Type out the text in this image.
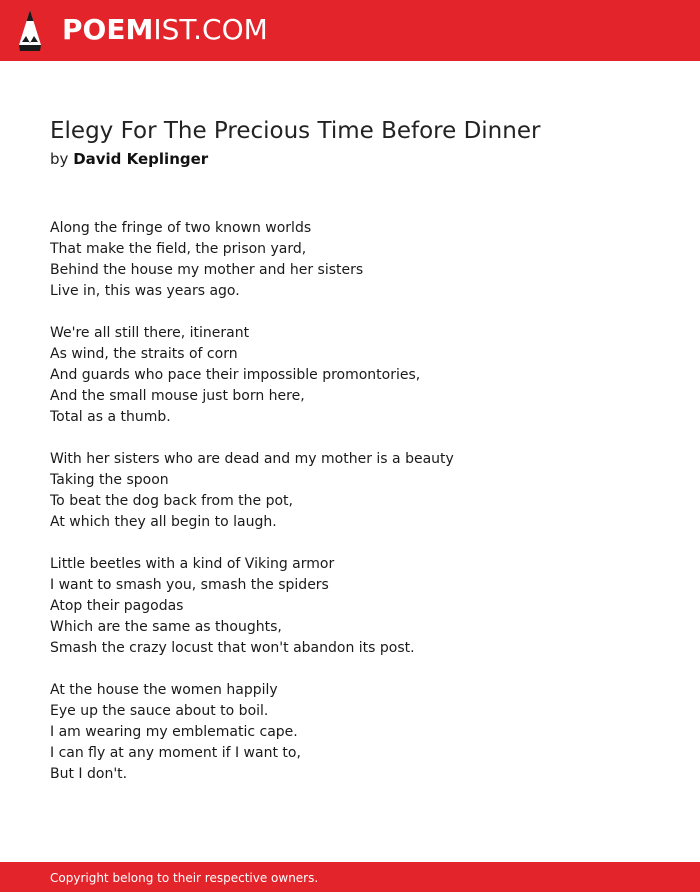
POEMIST.COM
Elegy For The Precious Time Before Dinner
by David Keplinger
Along the fringe of two known worlds
That make the field, the prison yard,
Behind the house my mother and her sisters
Live in, this was years ago.
We're all still there, itinerant
As wind, the straits of corn
And guards who pace their impossible promontories,
And the small mouse just born here,
Total as a thumb.
With her sisters who are dead and my mother is a beauty
Taking the spoon
To beat the dog back from the pot,
At which they all begin to laugh.
Little beetles with a kind of Viking armor
I want to smash you, smash the spiders
Atop their pagodas
Which are the same as thoughts,
Smash the crazy locust that won't abandon its post.
At the house the women happily
Eye up the sauce about to boil.
I am wearing my emblematic cape.
I can fly at any moment if I want to,
But I don't.
Copyright belong to their respective owners.
